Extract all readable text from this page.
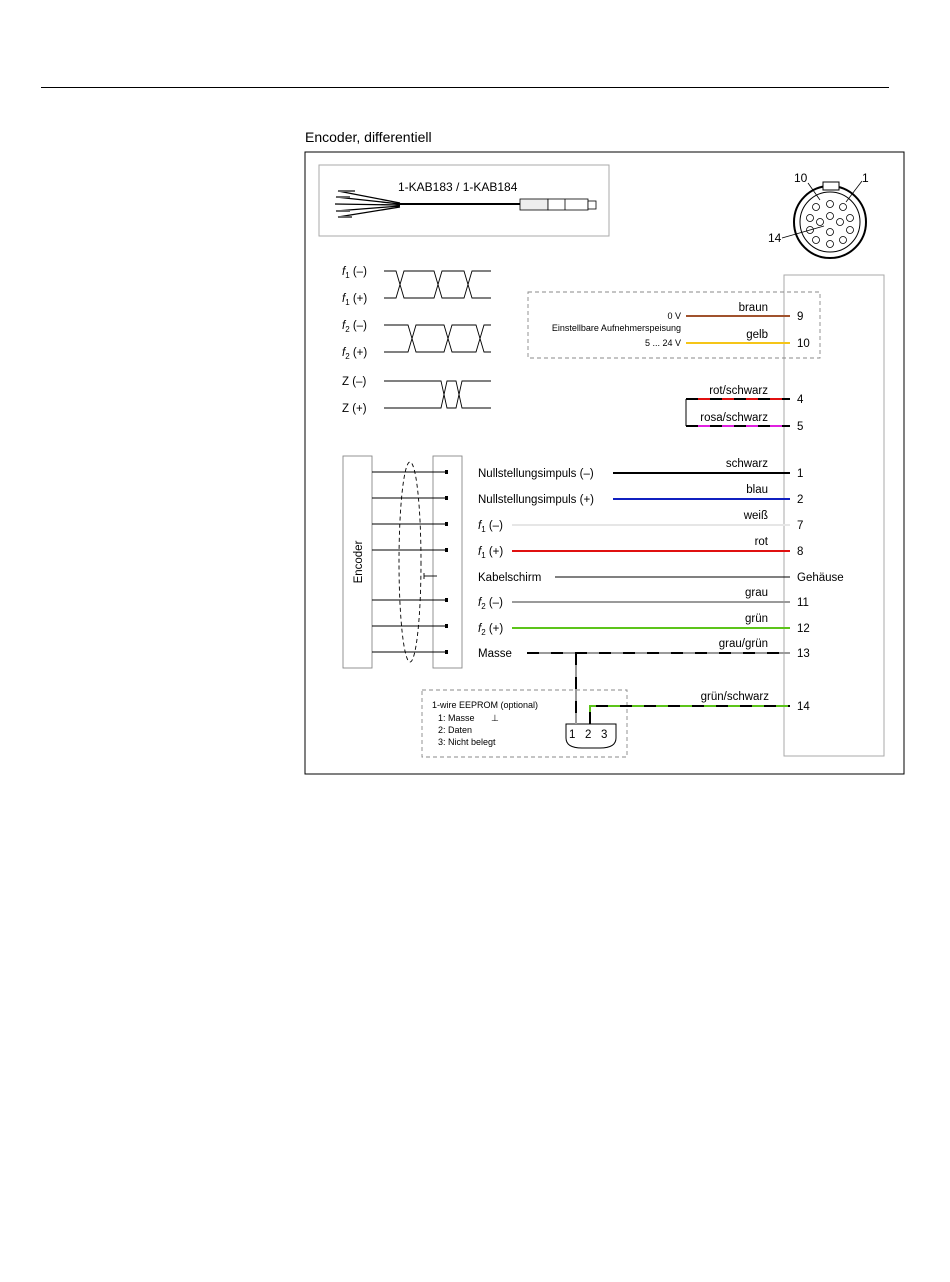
Encoder, differentiell
1-KAB183 / 1-KAB184
10	1
14
$f_1$ (–)
$f_1$ (+)
$f_2$ (–)
$f_2$ (+)
Z (–)
Z (+)
0 V
Einstellbare Aufnehmerspeisung
5 ... 24 V
braun
gelb
9
10
rot/schwarz
rosa/schwarz
4
5
Encoder
Nullstellungsimpuls (–)
Nullstellungsimpuls (+)
$f_1$ (–)
$f_1$ (+)
Kabelschirm
$f_2$ (–)
$f_2$ (+)
Masse
schwarz
blau
weiß
rot
grau
grün
grau/grün
1
2
7
8
Gehäuse
11
12
13
1-wire EEPROM (optional)
1: Masse ⊥
2: Daten
3: Nicht belegt
grün/schwarz
14
1 2 3
